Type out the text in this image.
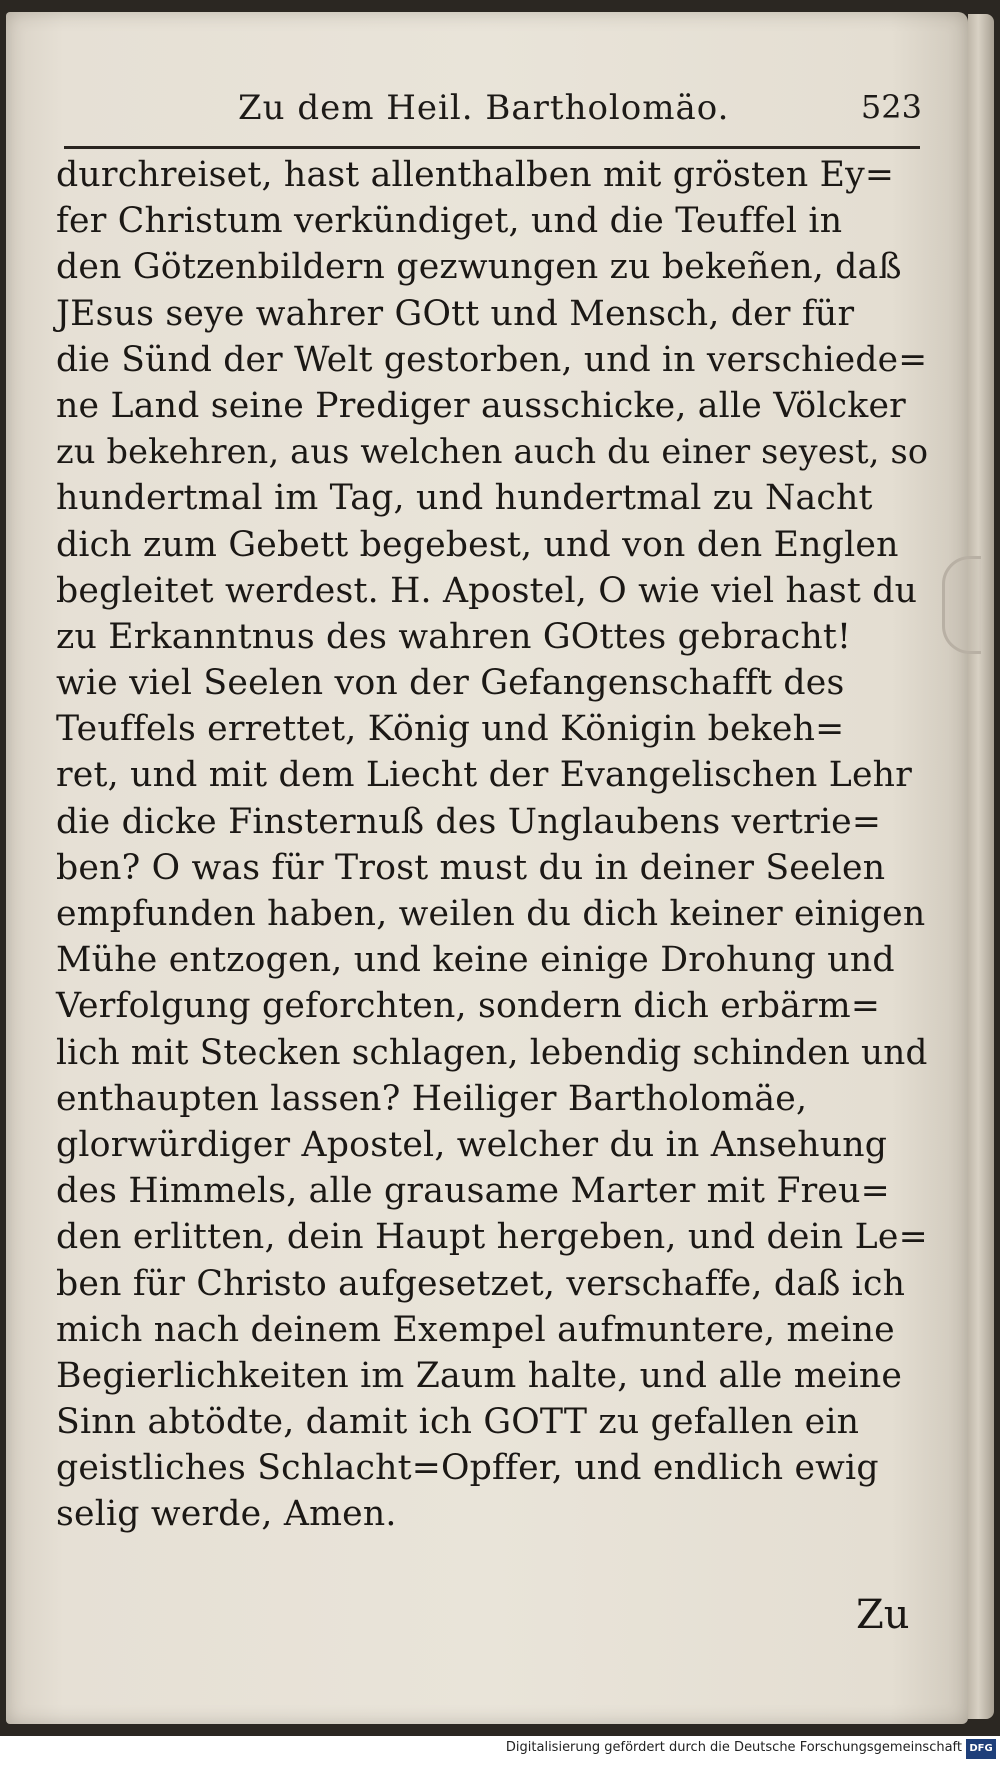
Zu dem Heil. Bartholomäo.	523
durchreiset, hast allenthalben mit grösten Ey=
fer Christum verkündiget, und die Teuffel in
den Götzenbildern gezwungen zu bekeñen, daß
JEsus seye wahrer GOtt und Mensch, der für
die Sünd der Welt gestorben, und in verschiede=
ne Land seine Prediger ausschicke, alle Völcker
zu bekehren, aus welchen auch du einer seyest, so
hundertmal im Tag, und hundertmal zu Nacht
dich zum Gebett begebest, und von den Englen
begleitet werdest. H. Apostel, O wie viel hast du
zu Erkanntnus des wahren GOttes gebracht!
wie viel Seelen von der Gefangenschafft des
Teuffels errettet, König und Königin bekeh=
ret, und mit dem Liecht der Evangelischen Lehr
die dicke Finsternuß des Unglaubens vertrie=
ben? O was für Trost must du in deiner Seelen
empfunden haben, weilen du dich keiner einigen
Mühe entzogen, und keine einige Drohung und
Verfolgung geforchten, sondern dich erbärm=
lich mit Stecken schlagen, lebendig schinden und
enthaupten lassen? Heiliger Bartholomäe,
glorwürdiger Apostel, welcher du in Ansehung
des Himmels, alle grausame Marter mit Freu=
den erlitten, dein Haupt hergeben, und dein Le=
ben für Christo aufgesetzet, verschaffe, daß ich
mich nach deinem Exempel aufmuntere, meine
Begierlichkeiten im Zaum halte, und alle meine
Sinn abtödte, damit ich GOTT zu gefallen ein
geistliches Schlacht=Opffer, und endlich ewig
selig werde, Amen.
Zu
Digitalisierung gefördert durch die Deutsche Forschungsgemeinschaft DFG
